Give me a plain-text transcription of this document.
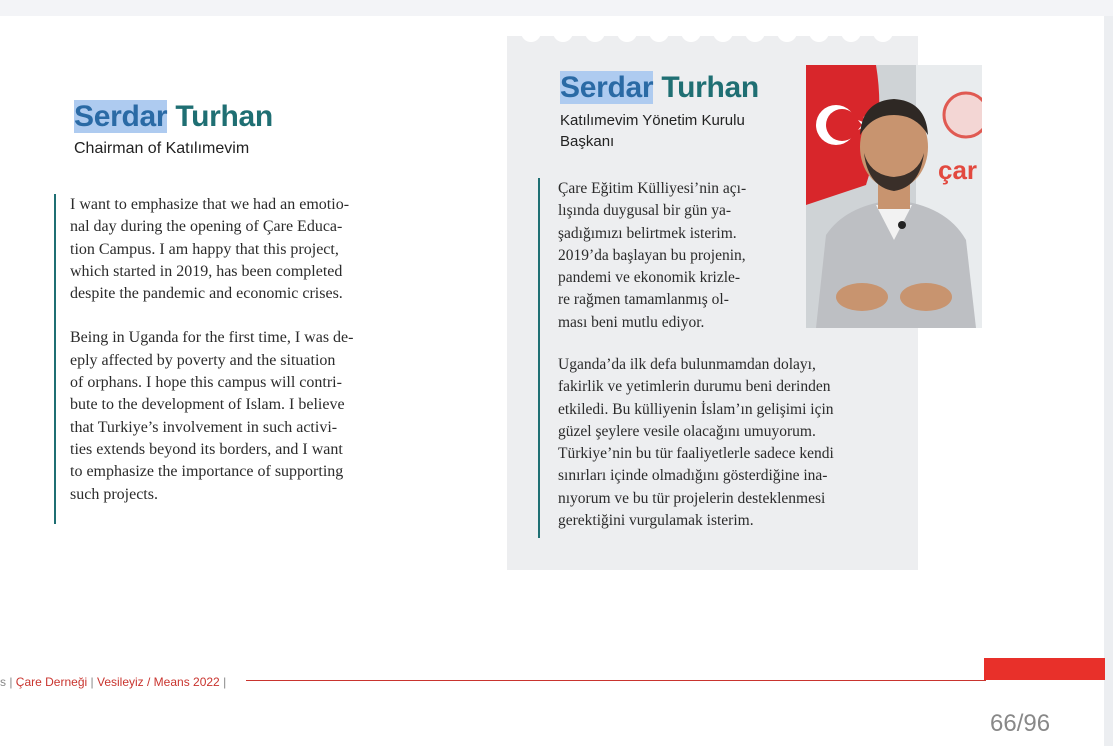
Serdar Turhan
Chairman of Katılımevim
I want to emphasize that we had an emotio-
nal day during the opening of Çare Educa-
tion Campus. I am happy that this project,
which started in 2019, has been completed
despite the pandemic and economic crises.
Being in Uganda for the first time, I was de-
eply affected by poverty and the situation
of orphans. I hope this campus will contri-
bute to the development of Islam. I believe
that Turkiye’s involvement in such activi-
ties extends beyond its borders, and I want
to emphasize the importance of supporting
such projects.
Serdar Turhan
Katılımevim Yönetim Kurulu
Başkanı
Çare Eğitim Külliyesi’nin açı-
lışında duygusal bir gün ya-
şadığımızı belirtmek isterim.
2019’da başlayan bu projenin,
pandemi ve ekonomik krizle-
re rağmen tamamlanmış ol-
ması beni mutlu ediyor.
Uganda’da ilk defa bulunmamdan dolayı,
fakirlik ve yetimlerin durumu beni derinden
etkiledi. Bu külliyenin İslam’ın gelişimi için
güzel şeylere vesile olacağını umuyorum.
Türkiye’nin bu tür faaliyetlerle sadece kendi
sınırları içinde olmadığını gösterdiğine ina-
nıyorum ve bu tür projelerin desteklenmesi
gerektiğini vurgulamak isterim.
çar
s | Çare Derneği | Vesileyiz / Means 2022 |
66/96
